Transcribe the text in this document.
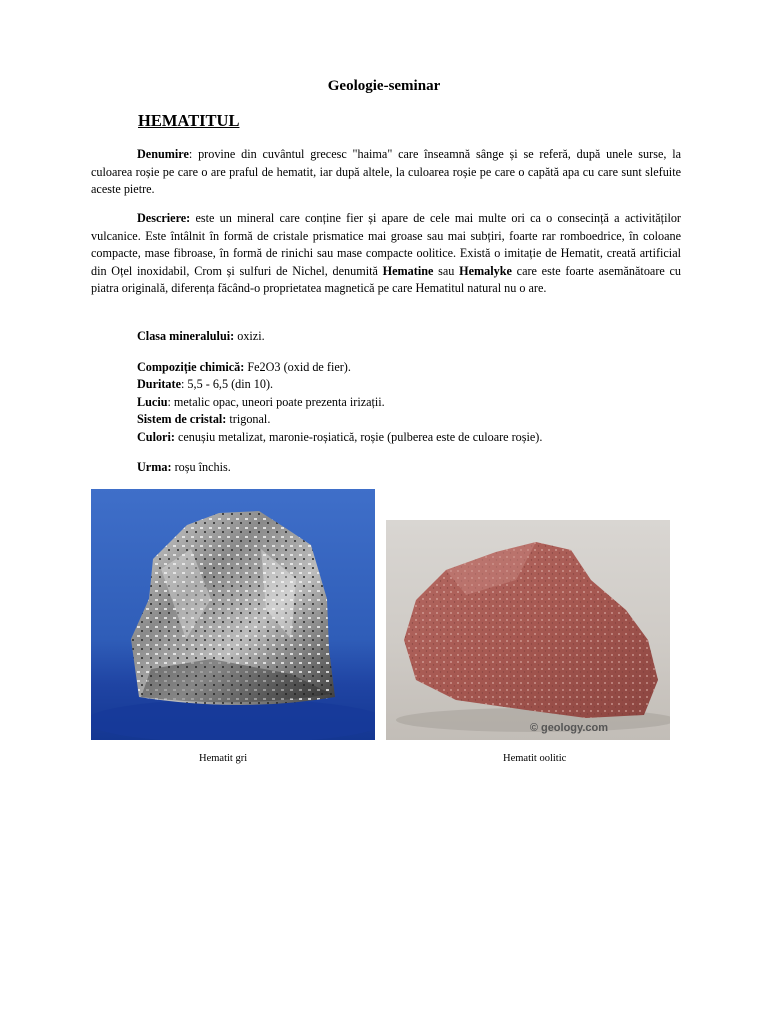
Geologie-seminar
HEMATITUL
Denumire: provine din cuvântul grecesc "haima" care înseamnă sânge și se referă, după unele surse, la culoarea roșie pe care o are praful de hematit, iar după altele, la culoarea roșie pe care o capătă apa cu care sunt slefuite aceste pietre.
Descriere: este un mineral care conține fier și apare de cele mai multe ori ca o consecință a activităților vulcanice. Este întâlnit în formă de cristale prismatice mai groase sau mai subțiri, foarte rar romboedrice, în coloane compacte, mase fibroase, în formă de rinichi sau mase compacte oolitice. Există o imitație de Hematit, creată artificial din Oțel inoxidabil, Crom și sulfuri de Nichel, denumită Hematine sau Hemalyke care este foarte asemănătoare cu piatra originală, diferența făcând-o proprietatea magnetică pe care Hematitul natural nu o are.
Clasa mineralului: oxizi.
Compoziție chimică: Fe2O3 (oxid de fier).
Duritate: 5,5 - 6,5 (din 10).
Luciu: metalic opac, uneori poate prezenta irizații.
Sistem de cristal: trigonal.
Culori: cenușiu metalizat, maronie-roșiatică, roșie (pulberea este de culoare roșie).
Urma: roșu închis.
© geology.com
Hematit gri	Hematit oolitic
